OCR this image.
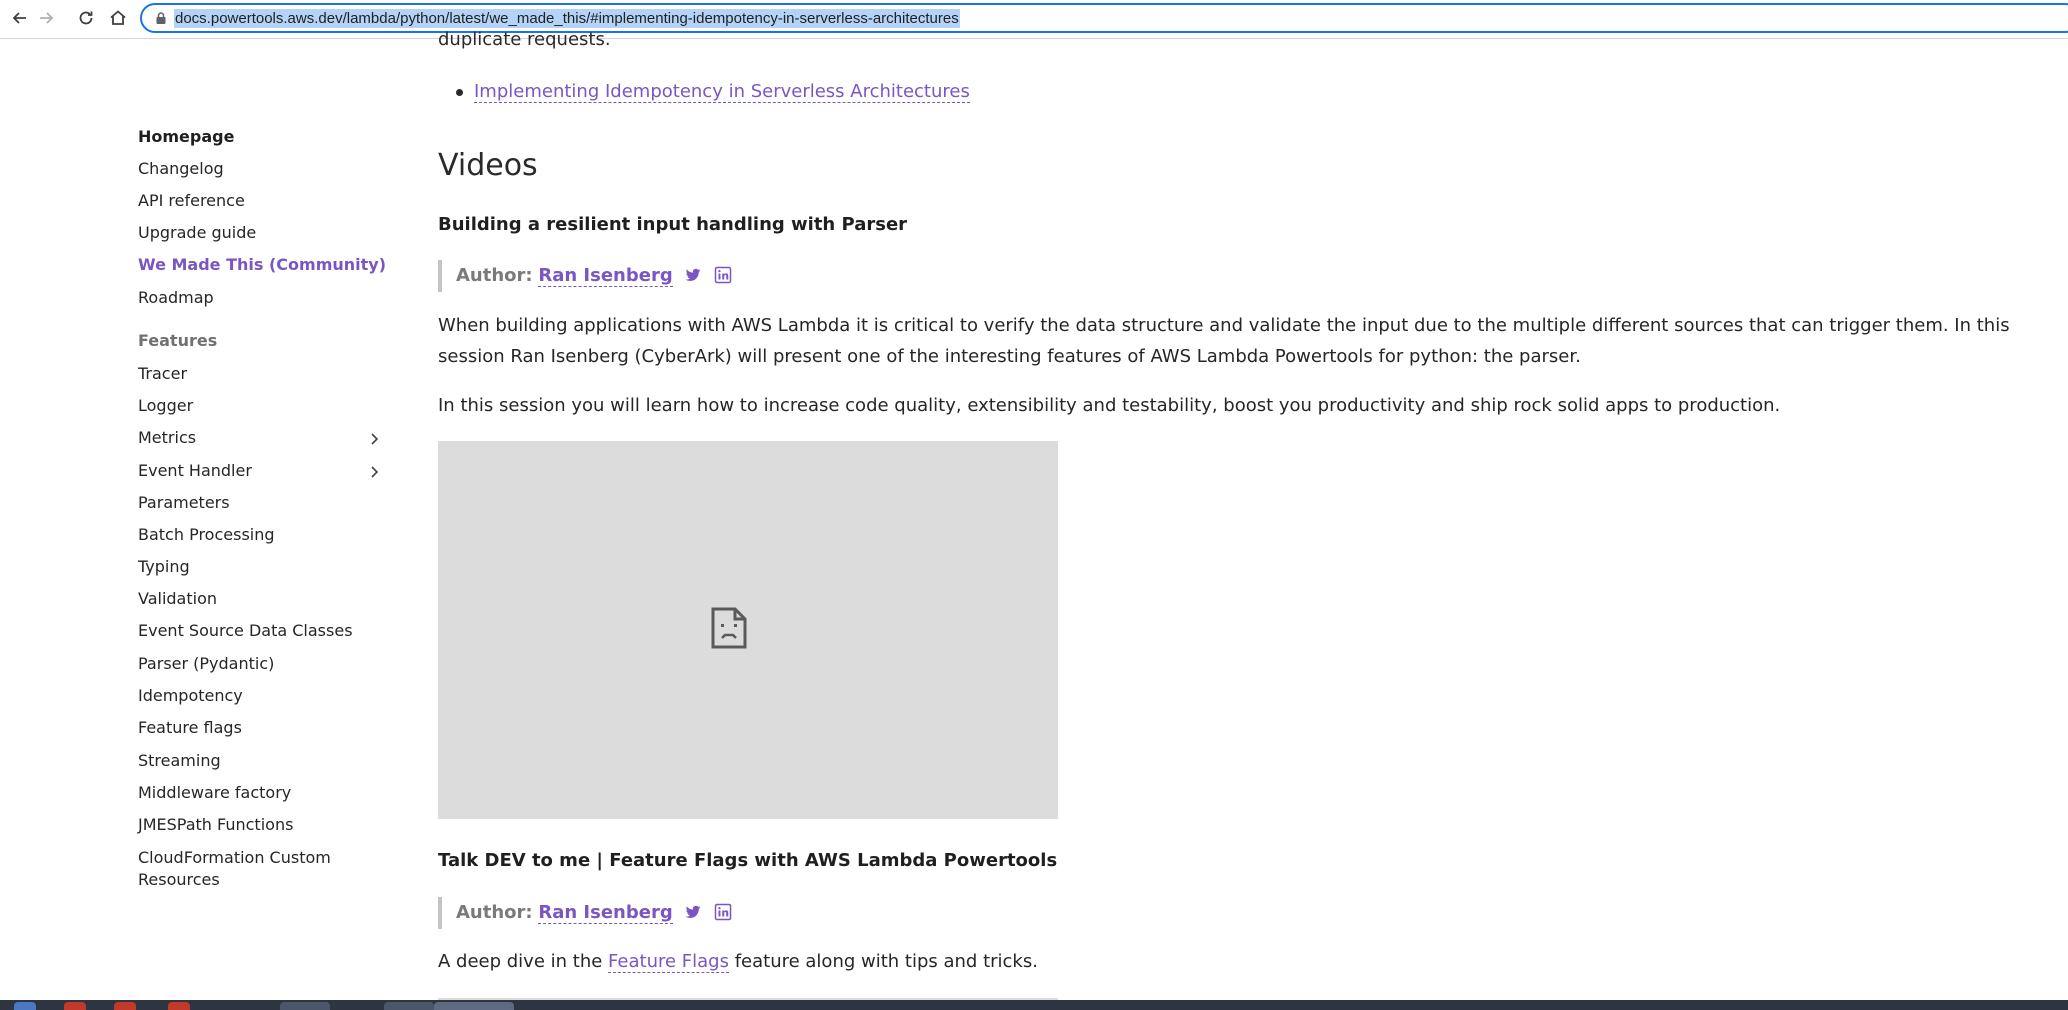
docs.powertools.aws.dev/lambda/python/latest/we_made_this/#implementing-idempotency-in-serverless-architectures
Homepage
Changelog
API reference
Upgrade guide
We Made This (Community)
Roadmap
Features
Tracer
Logger
Metrics
Event Handler
Parameters
Batch Processing
Typing
Validation
Event Source Data Classes
Parser (Pydantic)
Idempotency
Feature flags
Streaming
Middleware factory
JMESPath Functions
CloudFormation Custom
Resources
duplicate requests.
Implementing Idempotency in Serverless Architectures
Videos
Building a resilient input handling with Parser
Author: Ran Isenberg
When building applications with AWS Lambda it is critical to verify the data structure and validate the input due to the multiple different sources that can trigger them. In this session Ran Isenberg (CyberArk) will present one of the interesting features of AWS Lambda Powertools for python: the parser.
In this session you will learn how to increase code quality, extensibility and testability, boost you productivity and ship rock solid apps to production.
Talk DEV to me | Feature Flags with AWS Lambda Powertools
Author: Ran Isenberg
A deep dive in the Feature Flags feature along with tips and tricks.
